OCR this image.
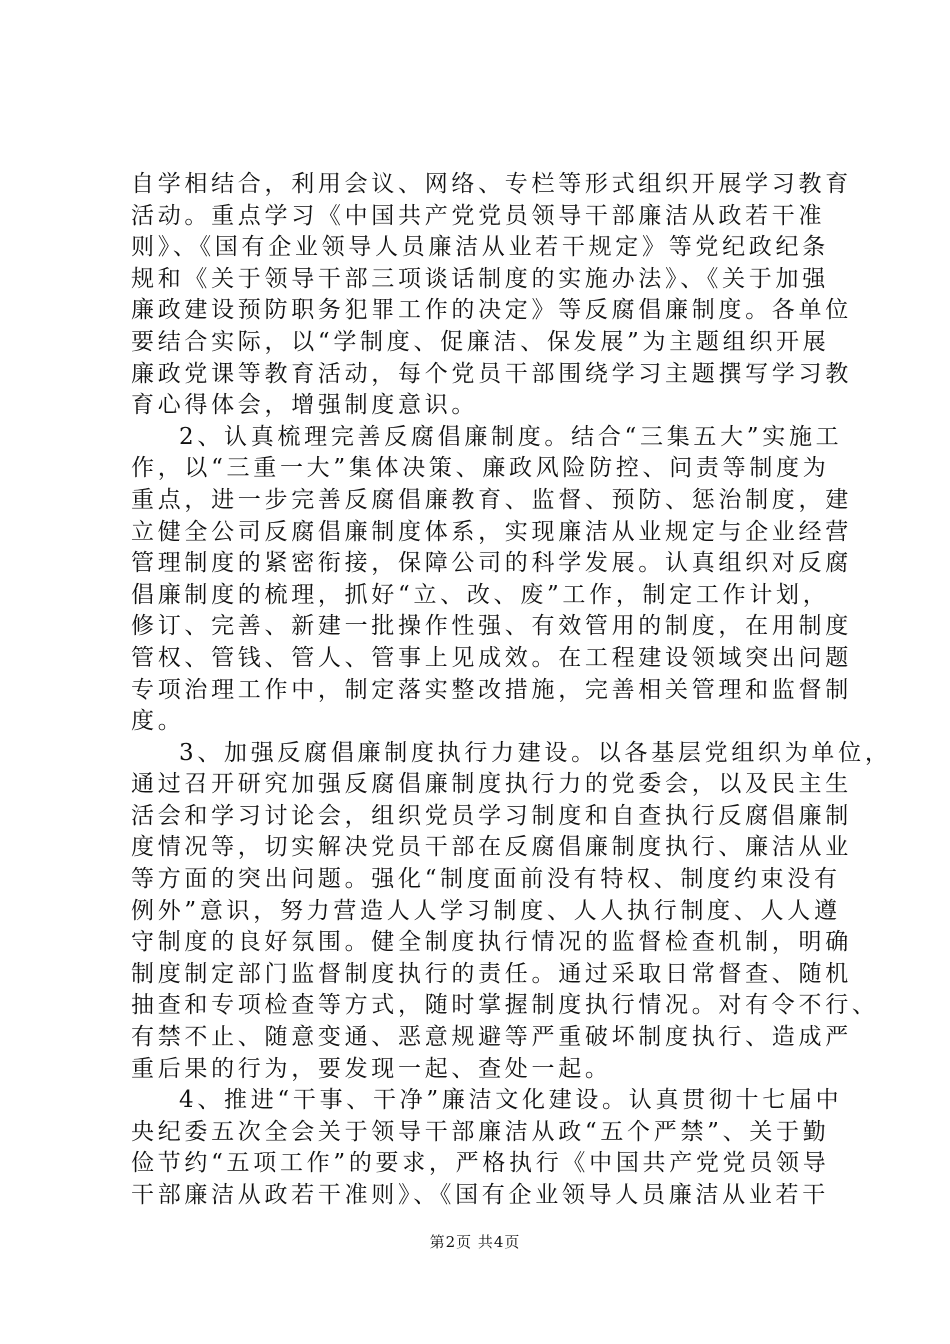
自学相结合，利用会议、网络、专栏等形式组织开展学习教育

活动。重点学习《中国共产党党员领导干部廉洁从政若干准

则》、《国有企业领导人员廉洁从业若干规定》等党纪政纪条

规和《关于领导干部三项谈话制度的实施办法》、《关于加强

廉政建设预防职务犯罪工作的决定》等反腐倡廉制度。各单位

要结合实际，以“学制度、促廉洁、保发展”为主题组织开展

廉政党课等教育活动，每个党员干部围绕学习主题撰写学习教

育心得体会，增强制度意识。

2、认真梳理完善反腐倡廉制度。结合“三集五大”实施工

作，以“三重一大”集体决策、廉政风险防控、问责等制度为

重点，进一步完善反腐倡廉教育、监督、预防、惩治制度，建

立健全公司反腐倡廉制度体系，实现廉洁从业规定与企业经营

管理制度的紧密衔接，保障公司的科学发展。认真组织对反腐

倡廉制度的梳理，抓好“立、改、废”工作，制定工作计划，

修订、完善、新建一批操作性强、有效管用的制度，在用制度

管权、管钱、管人、管事上见成效。在工程建设领域突出问题

专项治理工作中，制定落实整改措施，完善相关管理和监督制

度。

3、加强反腐倡廉制度执行力建设。以各基层党组织为单位，

通过召开研究加强反腐倡廉制度执行力的党委会，以及民主生

活会和学习讨论会，组织党员学习制度和自查执行反腐倡廉制

度情况等，切实解决党员干部在反腐倡廉制度执行、廉洁从业

等方面的突出问题。强化“制度面前没有特权、制度约束没有

例外”意识，努力营造人人学习制度、人人执行制度、人人遵

守制度的良好氛围。健全制度执行情况的监督检查机制，明确

制度制定部门监督制度执行的责任。通过采取日常督查、随机

抽查和专项检查等方式，随时掌握制度执行情况。对有令不行、

有禁不止、随意变通、恶意规避等严重破坏制度执行、造成严

重后果的行为，要发现一起、查处一起。

4、推进“干事、干净”廉洁文化建设。认真贯彻十七届中

央纪委五次全会关于领导干部廉洁从政“五个严禁”、关于勤

俭节约“五项工作”的要求，严格执行《中国共产党党员领导

干部廉洁从政若干准则》、《国有企业领导人员廉洁从业若干

第2页 共4页
